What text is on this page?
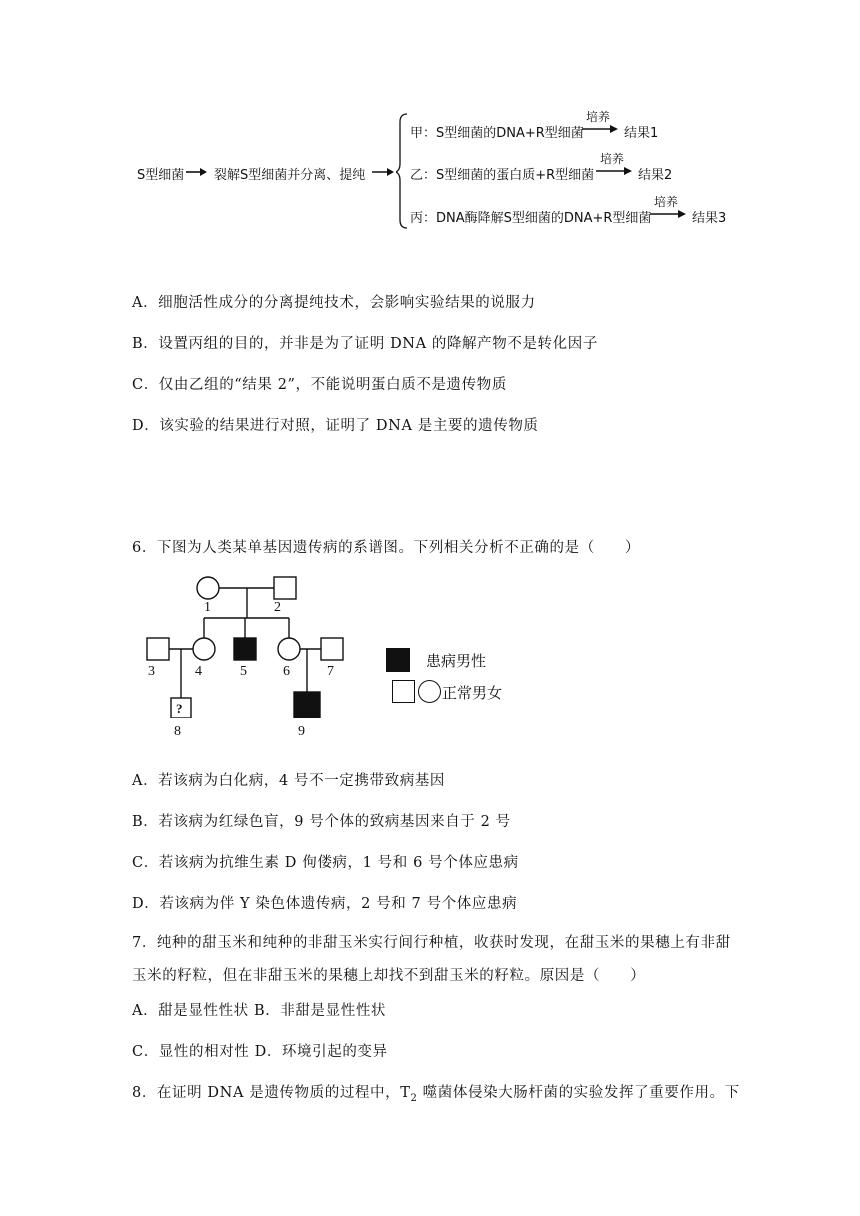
S型细菌 裂解S型细菌并分离、提纯
甲：S型细菌的DNA+R型细菌
培养
结果1
乙：S型细菌的蛋白质+R型细菌
培养
结果2
丙：DNA酶降解S型细菌的DNA+R型细菌
培养
结果3
A．细胞活性成分的分离提纯技术，会影响实验结果的说服力
B．设置丙组的目的，并非是为了证明 DNA 的降解产物不是转化因子
C．仅由乙组的“结果 2”，不能说明蛋白质不是遗传物质
D．该实验的结果进行对照，证明了 DNA 是主要的遗传物质
6．下图为人类某单基因遗传病的系谱图。下列相关分析不正确的是（　　）
?
1	2
3	4	5	6	7
8	9
患病男性
正常男女
A．若该病为白化病，4 号不一定携带致病基因
B．若该病为红绿色盲，9 号个体的致病基因来自于 2 号
C．若该病为抗维生素 D 佝偻病，1 号和 6 号个体应患病
D．若该病为伴 Y 染色体遗传病，2 号和 7 号个体应患病
7．纯种的甜玉米和纯种的非甜玉米实行间行种植，收获时发现，在甜玉米的果穗上有非甜
玉米的籽粒，但在非甜玉米的果穗上却找不到甜玉米的籽粒。原因是（　　）
A．甜是显性性状 B．非甜是显性性状
C．显性的相对性 D．环境引起的变异
8．在证明 DNA 是遗传物质的过程中，$T_2$ 噬菌体侵染大肠杆菌的实验发挥了重要作用。下
